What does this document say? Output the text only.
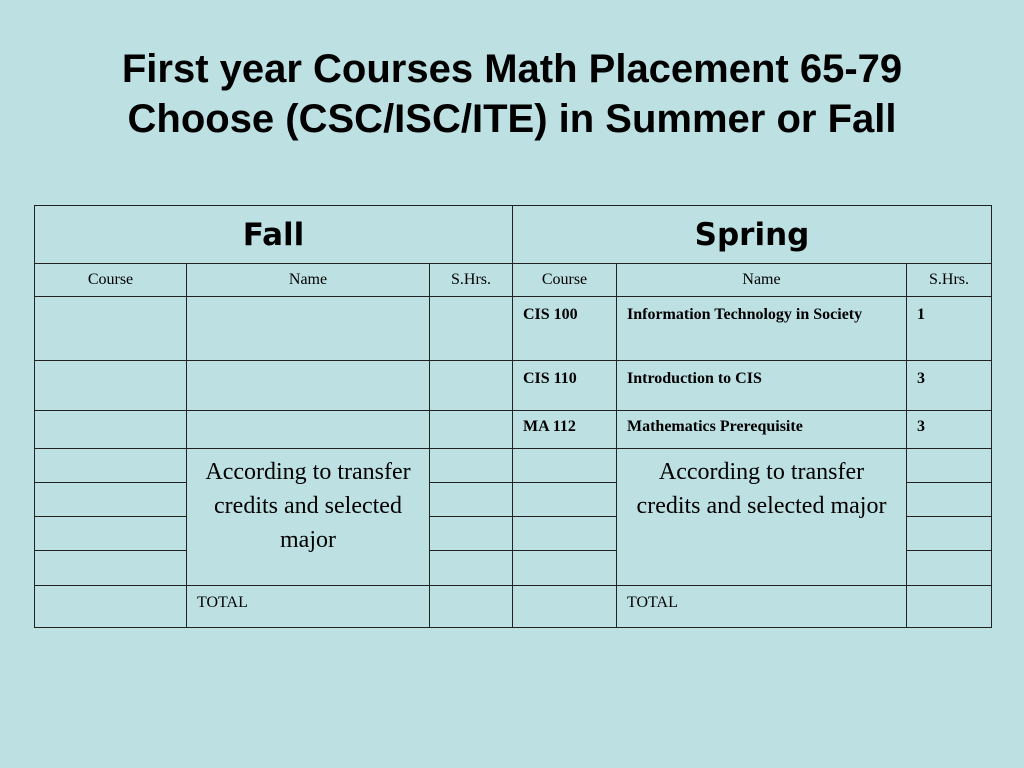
First year Courses Math Placement 65-79
Choose (CSC/ISC/ITE) in Summer or Fall
Fall			Spring		
Course	Name	S.Hrs.	Course	Name	S.Hrs.
			CIS 100	Information Technology in Society	1
			CIS 110	Introduction to CIS	3
			MA 112	Mathematics Prerequisite	3
	According to transfer credits and selected major			According to transfer credits and selected major	

	TOTAL			TOTAL	
